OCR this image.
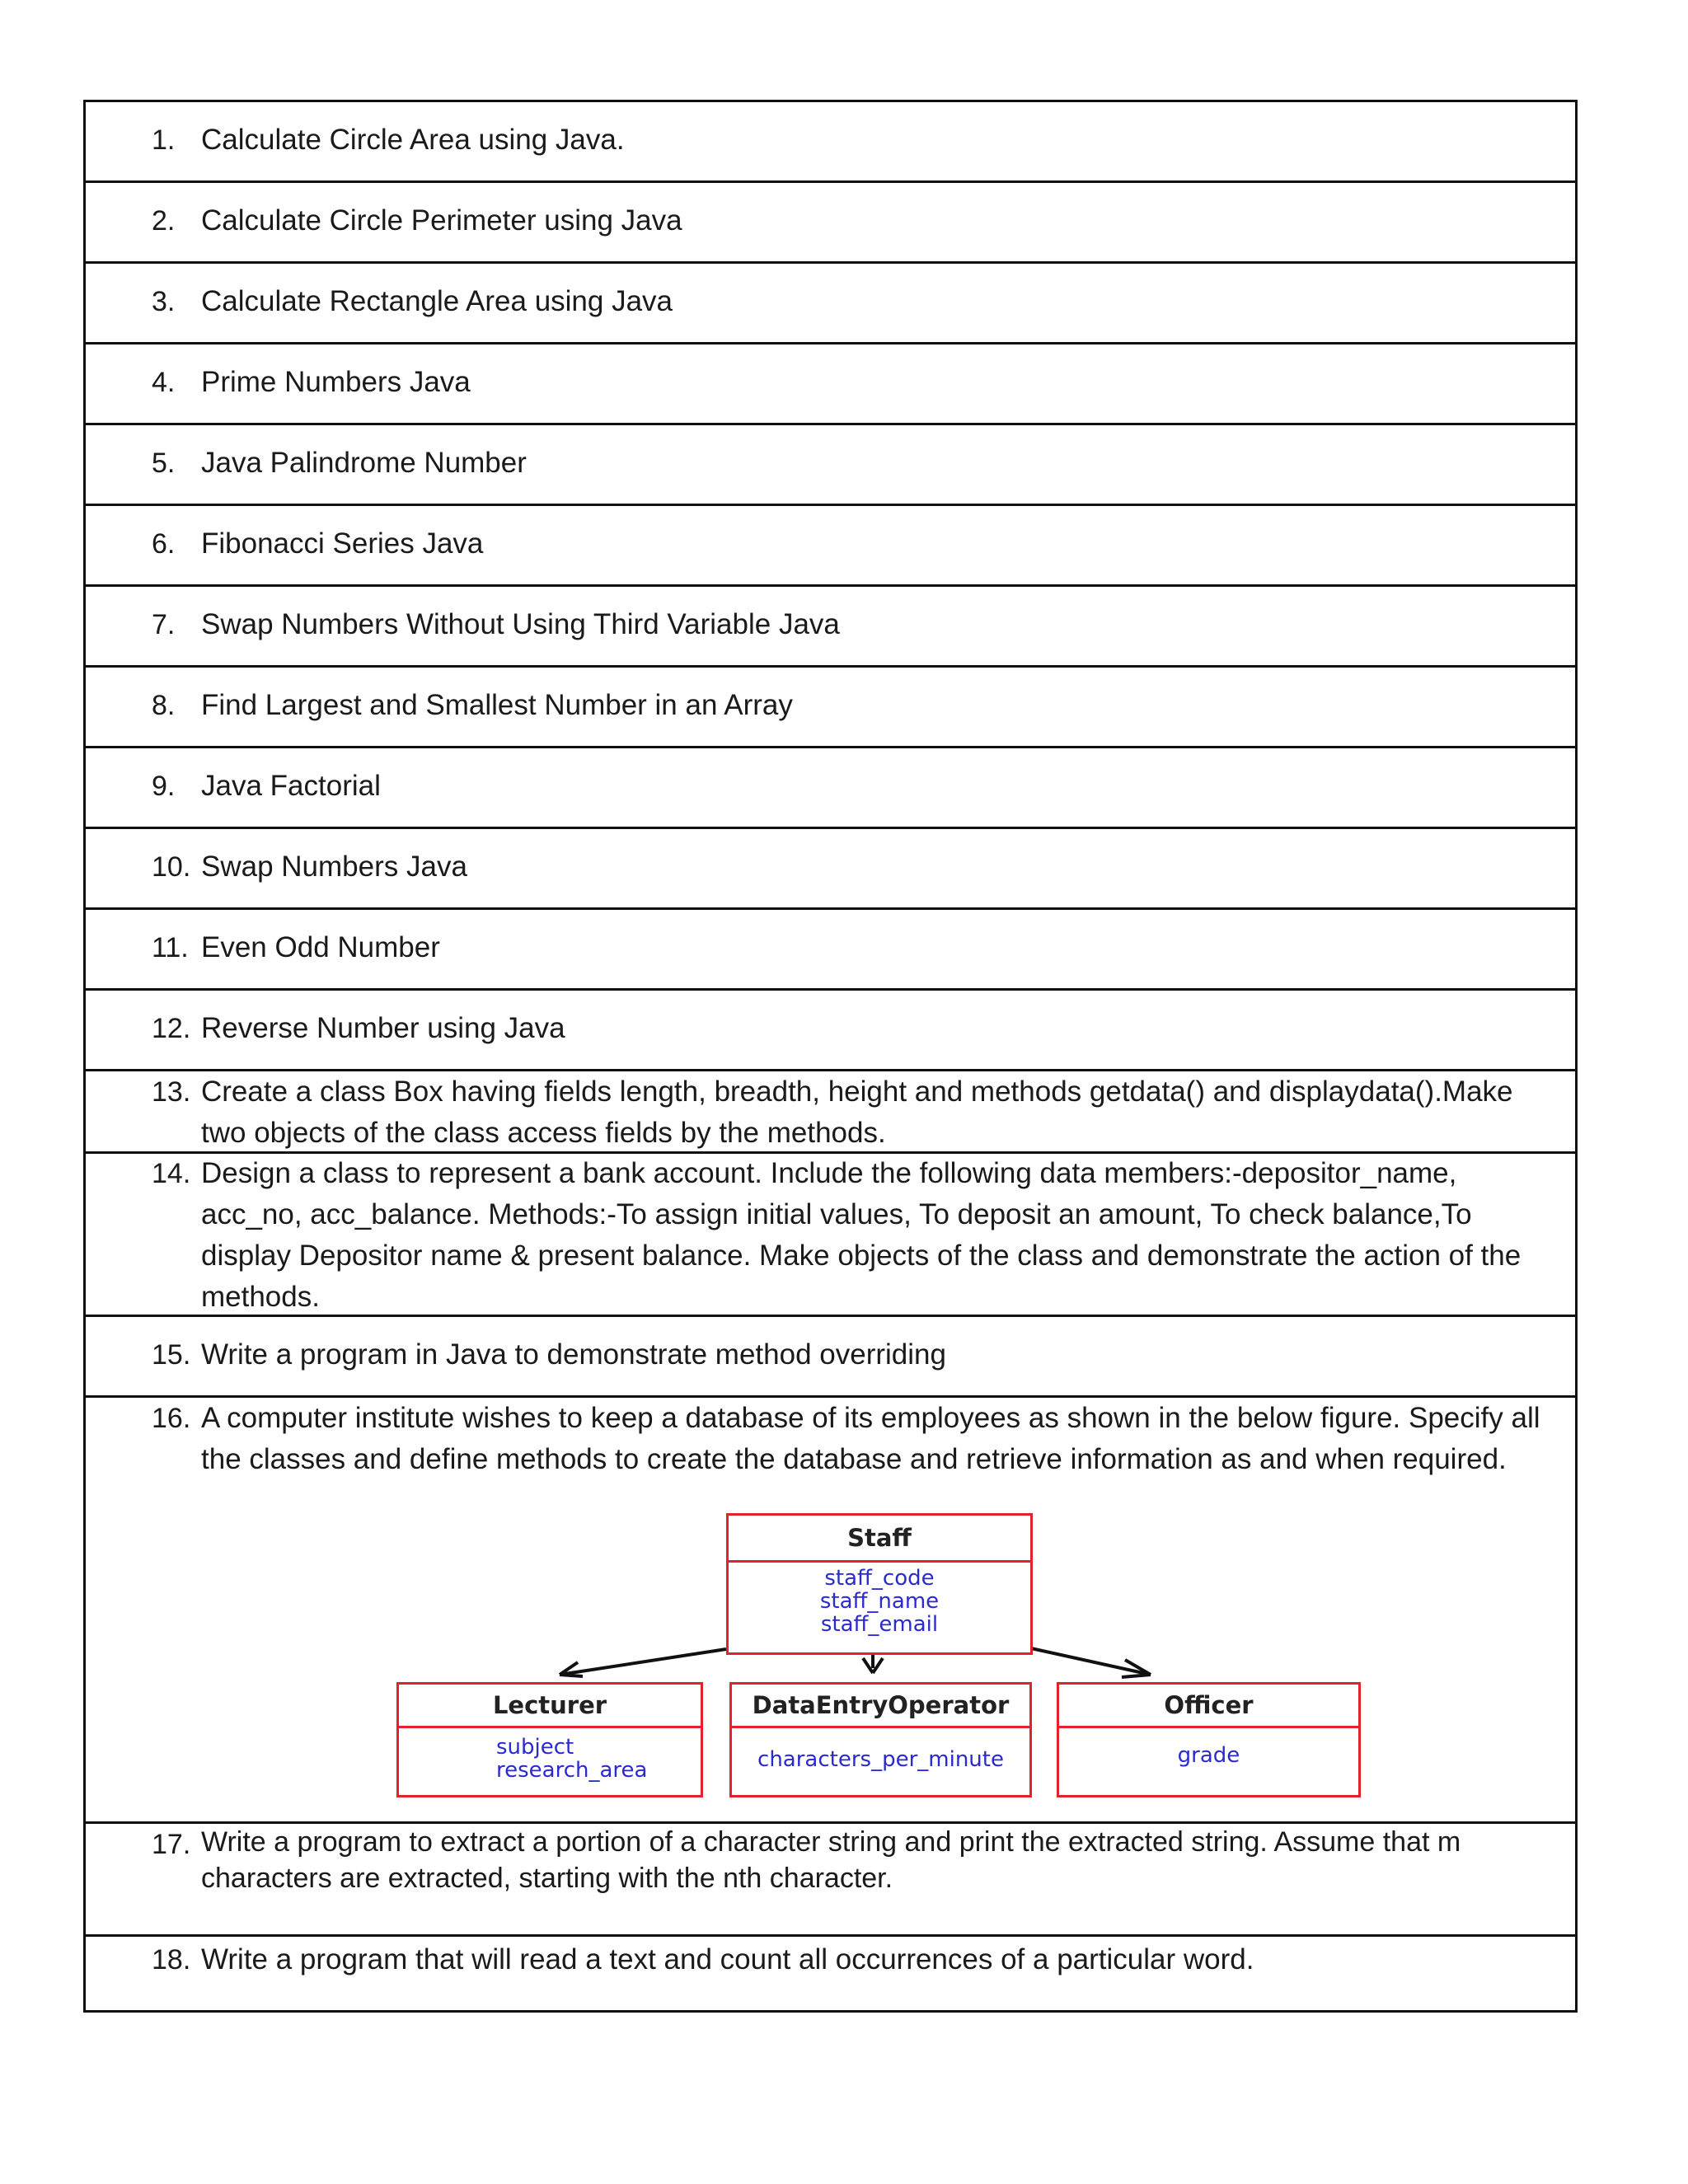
1. Calculate Circle Area using Java.
2. Calculate Circle Perimeter using Java
3. Calculate Rectangle Area using Java
4. Prime Numbers Java
5. Java Palindrome Number
6. Fibonacci Series Java
7. Swap Numbers Without Using Third Variable Java
8. Find Largest and Smallest Number in an Array
9. Java Factorial
10. Swap Numbers Java
11. Even Odd Number
12. Reverse Number using Java
13. Create a class Box having fields length, breadth, height and methods getdata() and displaydata().Make two objects of the class access fields by the methods.
14. Design a class to represent a bank account. Include the following data members:-depositor_name, acc_no, acc_balance. Methods:-To assign initial values, To deposit an amount, To check balance,To display Depositor name & present balance. Make objects of the class and demonstrate the action of the methods.
15. Write a program in Java to demonstrate method overriding
16. A computer institute wishes to keep a database of its employees as shown in the below figure. Specify all the classes and define methods to create the database and retrieve information as and when required.
Staff
staff_code
staff_name
staff_email
Lecturer
subject
research_area
DataEntryOperator
characters_per_minute
Officer
grade
17. Write a program to extract a portion of a character string and print the extracted string. Assume that m characters are extracted, starting with the nth character.
18. Write a program that will read a text and count all occurrences of a particular word.
